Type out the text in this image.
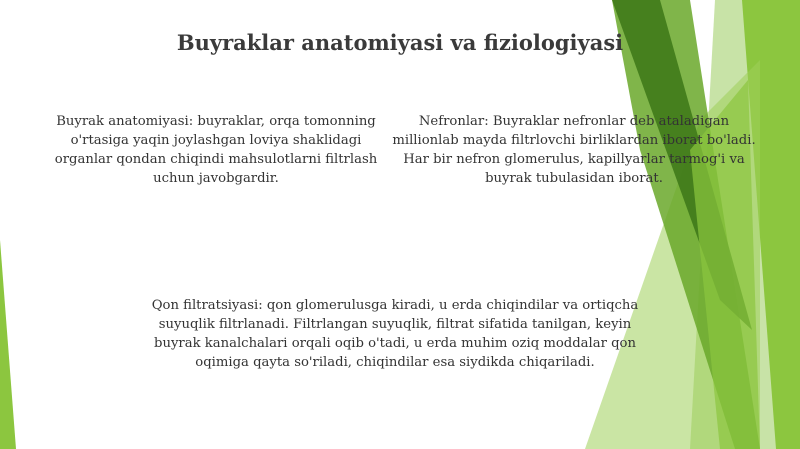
Buyraklar anatomiyasi va fiziologiyasi

Buyrak anatomiyasi: buyraklar, orqa tomonning o'rtasiga yaqin joylashgan loviya shaklidagi organlar qondan chiqindi mahsulotlarni filtrlash uchun javobgardir.

Nefronlar: Buyraklar nefronlar deb ataladigan millionlab mayda filtrlovchi birliklardan iborat bo'ladi. Har bir nefron glomerulus, kapillyarlar tarmog'i va buyrak tubulasidan iborat.

Qon filtratsiyasi: qon glomerulusga kiradi, u erda chiqindilar va ortiqcha suyuqlik filtrlanadi. Filtrlangan suyuqlik, filtrat sifatida tanilgan, keyin buyrak kanalchalari orqali oqib o'tadi, u erda muhim oziq moddalar qon oqimiga qayta so'riladi, chiqindilar esa siydikda chiqariladi.
